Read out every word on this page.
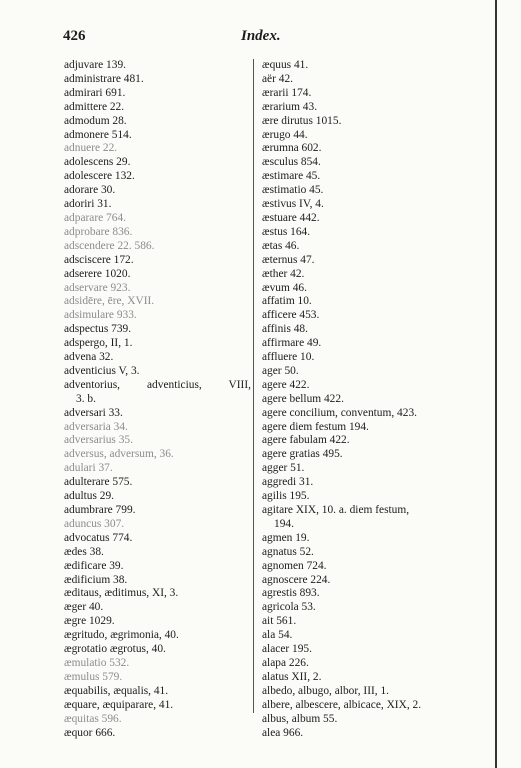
426	Index.
adjuvare 139.
administrare 481.
admirari 691.
admittere 22.
admodum 28.
admonere 514.
adnuere 22.
adolescens 29.
adolescere 132.
adorare 30.
adoriri 31.
adparare 764.
adprobare 836.
adscendere 22. 586.
adsciscere 172.
adserere 1020.
adservare 923.
adsidēre, ēre, XVII.
adsimulare 933.
adspectus 739.
adspergo, II, 1.
advena 32.
adventicius V, 3.
adventorius, adventicius, VIII,
3. b.
adversari 33.
adversaria 34.
adversarius 35.
adversus, adversum, 36.
adulari 37.
adulterare 575.
adultus 29.
adumbrare 799.
aduncus 307.
advocatus 774.
ædes 38.
ædificare 39.
ædificium 38.
æditaus, æditimus, XI, 3.
æger 40.
ægre 1029.
ægritudo, ægrimonia, 40.
ægrotatio ægrotus, 40.
æmulatio 532.
æmulus 579.
æquabilis, æqualis, 41.
æquare, æquiparare, 41.
æquitas 596.
æquor 666.
æquus 41.
aër 42.
ærarii 174.
ærarium 43.
ære dirutus 1015.
ærugo 44.
ærumna 602.
æsculus 854.
æstimare 45.
æstimatio 45.
æstivus IV, 4.
æstuare 442.
æstus 164.
ætas 46.
æternus 47.
æther 42.
ævum 46.
affatim 10.
afficere 453.
affinis 48.
affirmare 49.
affluere 10.
ager 50.
agere 422.
agere bellum 422.
agere concilium, conventum, 423.
agere diem festum 194.
agere fabulam 422.
agere gratias 495.
agger 51.
aggredi 31.
agilis 195.
agitare XIX, 10. a. diem festum,
194.
agmen 19.
agnatus 52.
agnomen 724.
agnoscere 224.
agrestis 893.
agricola 53.
ait 561.
ala 54.
alacer 195.
alapa 226.
alatus XII, 2.
albedo, albugo, albor, III, 1.
albere, albescere, albicace, XIX, 2.
albus, album 55.
alea 966.
